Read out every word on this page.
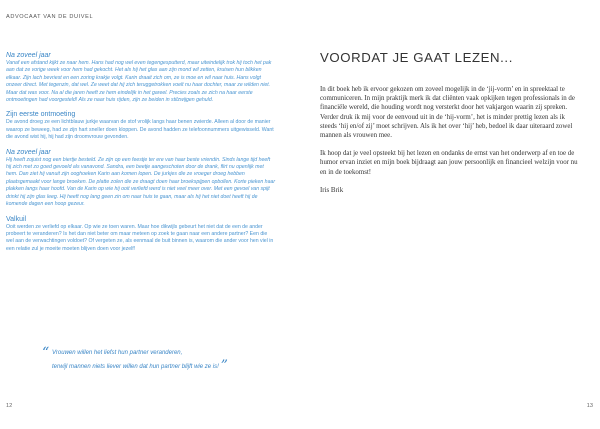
ADVOCAAT VAN DE DUIVEL

Na zoveel jaar

Vanaf een afstand kijkt ze naar hem. Hans had nog wel even tegengesputterd, maar uiteindelijk trok hij toch het pak aan dat ze vorige week voor hem had gekocht. Het als hij het glas aan zijn mond wil zetten, kruisen hun blikken elkaar. Zijn lach bevriest en een zoring krakje volgt. Karin draait zich om, ze is moe en wil naar huis. Hans volgt onzeer direct. Met tegenzin, dat wel. Ze weet dat hij zich teruggetrokken voelt nu haar dochter, maar ze wilden niet. Maar dat was voor. Na al die jaren heeft ze hem eindelijk in het gareel. Precies zoals ze zich na haar eerste ontmoetingen had voorgesteld! Als ze naar huis rijden, zijn ze beiden in stilzwijgen gehuld.

Zijn eerste ontmoeting

De avond droeg ze een lichtblauw jurkje waarvan de stof vrolijk langs haar benen zwierde. Alleen al door de manier waarop ze beweeg, had ze zijn hart sneller doen kloppen. De avond hadden ze telefoonnummers uitgewisseld. Want die avond wist hij, hij had zijn droomvrouw gevonden.

Na zoveel jaar

Hij heeft zojuist nog een biertje besteld. Ze zijn op een feestje ter ere van haar beste vriendin. Sinds lange tijd heeft hij zich met zo goed gevoeld als vanavond. Sandra, een beetje aangeschoten door de drank, flirt nu openlijk met hem. Dan ziet hij vanuit zijn ooghoeken Karin aan komen lopen. De jurkjes die ze vroeger droeg hebben plaatsgemaakt voor lange broeken. De platte zolen die ze draagt doen haar broekspijpen opbollen. Korte pieken haar plakken langs haar hoofd. Van de Karin op wie hij ooit verliefd werd is niet veel meer over. Met een gevoel van spijt drinkt hij zijn glas leeg. Hij heeft nog lang geen zin om naar huis te gaan, maar als hij het niet doet heeft hij de komende dagen een hoop gezeur.

Valkuil

Ooit werden ze verliefd op elkaar. Op wie ze toen waren. Maar hoe dikwijls gebeurt het niet dat de een de ander probeert te veranderen? Is het dan niet beter om maar meteen op zoek te gaan naar een andere partner? Een die wel aan de verwachtingen voldoet? Of vergeten ze, als eenmaal de buit binnen is, waarom die ander voor hen viel in een relatie zul je moeite moeten blijven doen voor jezelf!

“ Vrouwen willen het liefst hun partner veranderen,
terwijl mannen niets liever willen dat hun partner blijft wie ze is! ”
12
VOORDAT JE GAAT LEZEN...

In dit boek heb ik ervoor gekozen om zoveel mogelijk in de ‘jij-vorm’ en in spreektaal te communiceren. In mijn praktijk merk ik dat cliënten vaak opkijken tegen professionals in de financiële wereld, die houding wordt nog versterkt door het vakjargon waarin zij spreken.

Verder druk ik mij voor de eenvoud uit in de ‘hij-vorm’, het is minder prettig lezen als ik steeds ‘hij en/of zij’ moet schrijven. Als ik het over ‘hij’ heb, bedoel ik daar uiteraard zowel mannen als vrouwen mee.

Ik hoop dat je veel opsteekt bij het lezen en ondanks de ernst van het onderwerp af en toe de humor ervan inziet en mijn boek bijdraagt aan jouw persoonlijk en financieel welzijn voor nu en in de toekomst!

Iris Brik

13
